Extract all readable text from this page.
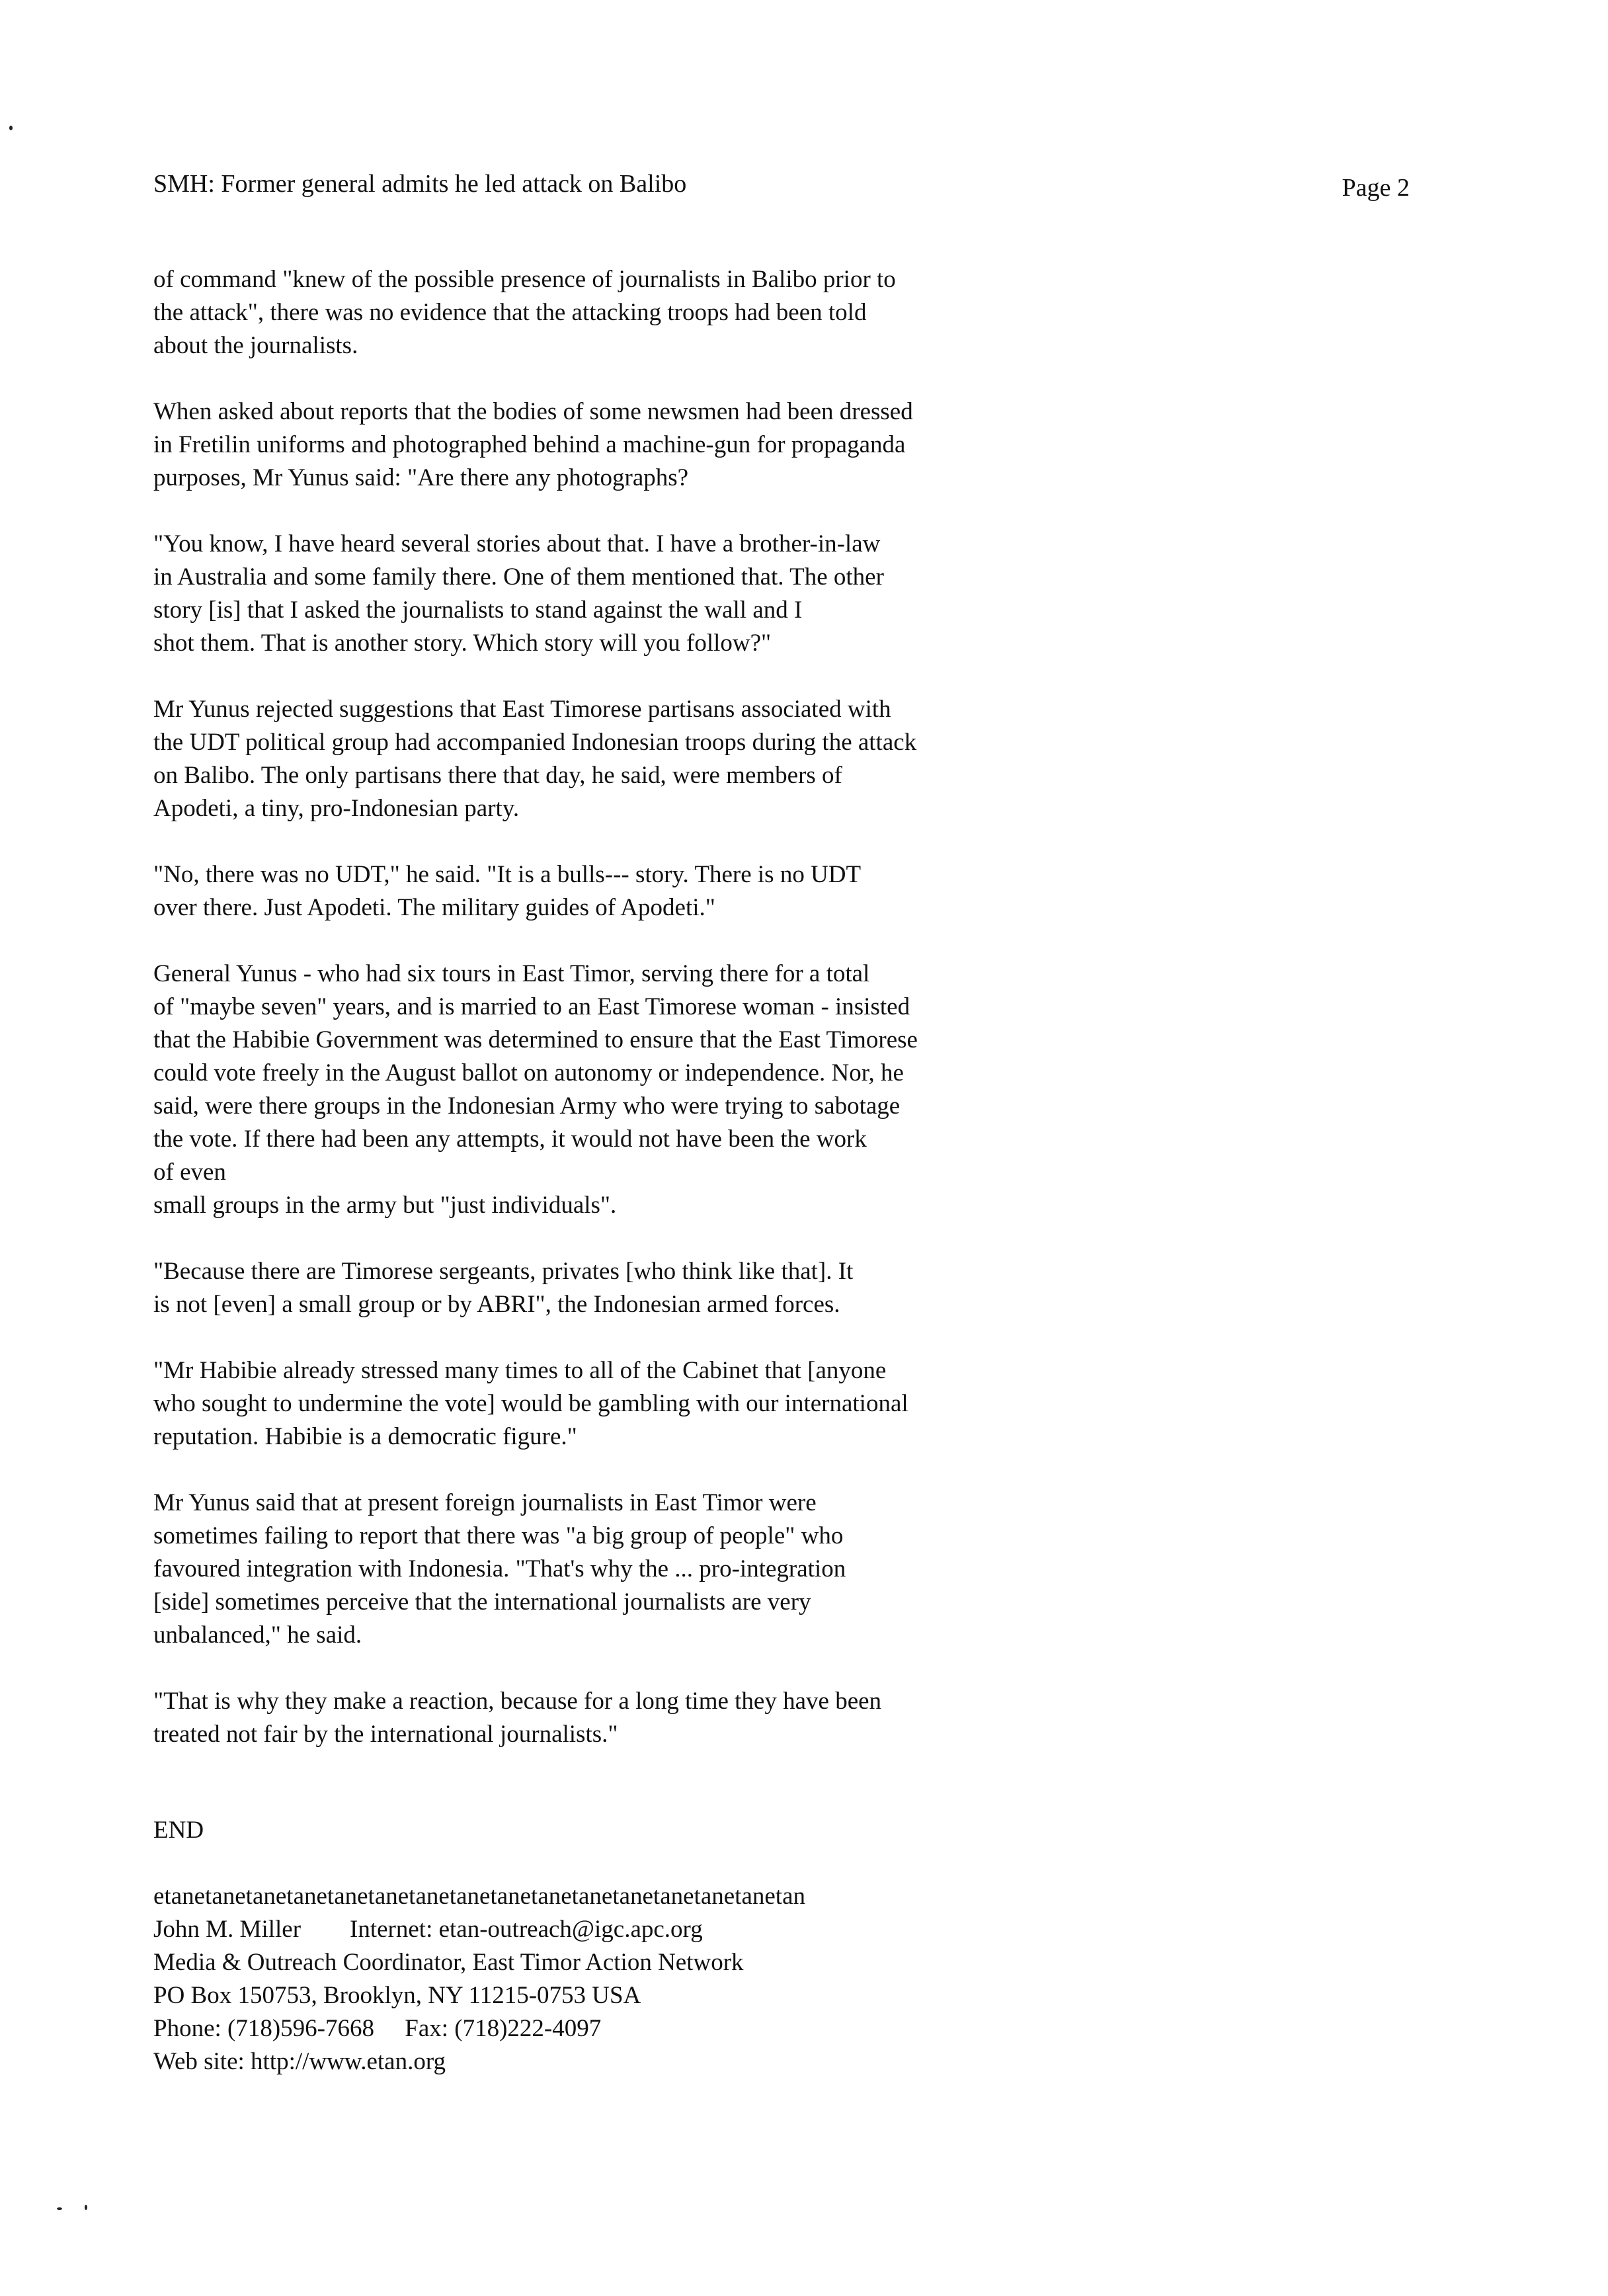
SMH: Former general admits he led attack on Balibo	Page 2
of command "knew of the possible presence of journalists in Balibo prior to
the attack", there was no evidence that the attacking troops had been told
about the journalists.
When asked about reports that the bodies of some newsmen had been dressed
in Fretilin uniforms and photographed behind a machine-gun for propaganda
purposes, Mr Yunus said: "Are there any photographs?
"You know, I have heard several stories about that. I have a brother-in-law
in Australia and some family there. One of them mentioned that. The other
story [is] that I asked the journalists to stand against the wall and I
shot them. That is another story. Which story will you follow?"
Mr Yunus rejected suggestions that East Timorese partisans associated with
the UDT political group had accompanied Indonesian troops during the attack
on Balibo. The only partisans there that day, he said, were members of
Apodeti, a tiny, pro-Indonesian party.
"No, there was no UDT," he said. "It is a bulls--- story. There is no UDT
over there. Just Apodeti. The military guides of Apodeti."
General Yunus - who had six tours in East Timor, serving there for a total
of "maybe seven" years, and is married to an East Timorese woman - insisted
that the Habibie Government was determined to ensure that the East Timorese
could vote freely in the August ballot on autonomy or independence. Nor, he
said, were there groups in the Indonesian Army who were trying to sabotage
the vote. If there had been any attempts, it would not have been the work
of even
small groups in the army but "just individuals".
"Because there are Timorese sergeants, privates [who think like that]. It
is not [even] a small group or by ABRI", the Indonesian armed forces.
"Mr Habibie already stressed many times to all of the Cabinet that [anyone
who sought to undermine the vote] would be gambling with our international
reputation. Habibie is a democratic figure."
Mr Yunus said that at present foreign journalists in East Timor were
sometimes failing to report that there was "a big group of people" who
favoured integration with Indonesia. "That's why the ... pro-integration
[side] sometimes perceive that the international journalists are very
unbalanced," he said.
"That is why they make a reaction, because for a long time they have been
treated not fair by the international journalists."
END
etanetanetanetanetanetanetanetanetanetanetanetanetanetanetanetan
John M. Miller        Internet: etan-outreach@igc.apc.org
Media & Outreach Coordinator, East Timor Action Network
PO Box 150753, Brooklyn, NY 11215-0753 USA
Phone: (718)596-7668     Fax: (718)222-4097
Web site: http://www.etan.org
